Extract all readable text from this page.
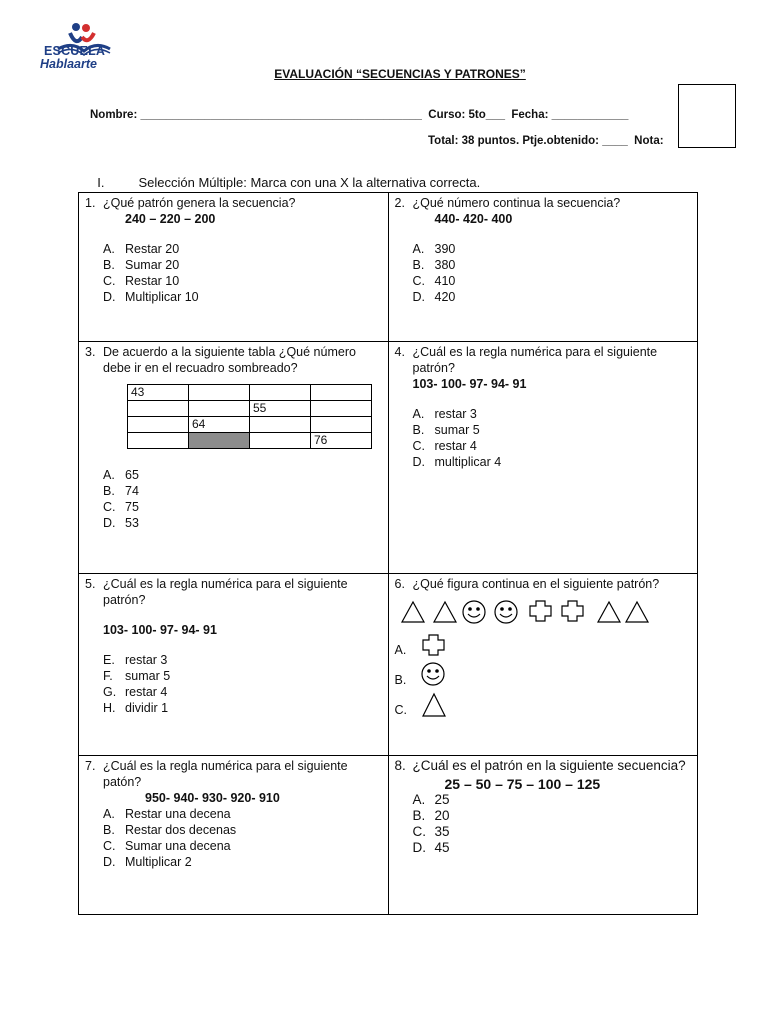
ESCUELA
Hablaarte
EVALUACIÓN “SECUENCIAS Y PATRONES”
Nombre: ____________________________________________  Curso: 5to___  Fecha: ____________
Total: 38 puntos. Ptje.obtenido: ____  Nota:

I.	Selección Múltiple: Marca con una X la alternativa correcta.

1. ¿Qué patrón genera la secuencia?
240 – 220 – 200
A. Restar 20
B. Sumar 20
C. Restar 10
D. Multiplicar 10

2. ¿Qué número continua la secuencia?
440- 420- 400
A. 390
B. 380
C. 410
D. 420

3. De acuerdo a la siguiente tabla ¿Qué número debe ir en el recuadro sombreado?
43			
		55	
	64		
			76
A. 65
B. 74
C. 75
D. 53

4. ¿Cuál es la regla numérica para el siguiente patrón?
103- 100- 97- 94- 91
A. restar 3
B. sumar 5
C. restar 4
D. multiplicar 4

5. ¿Cuál es la regla numérica para el siguiente patrón?
103- 100- 97- 94- 91
E. restar 3
F. sumar 5
G. restar 4
H. dividir 1

6. ¿Qué figura continua en el siguiente patrón?
A.
B.
C.

7. ¿Cuál es la regla numérica para el siguiente patón?
950- 940- 930- 920- 910
A. Restar una decena
B. Restar dos decenas
C. Sumar una decena
D. Multiplicar 2

8. ¿Cuál es el patrón en la siguiente secuencia?
25 – 50 – 75 – 100 – 125
A. 25
B. 20
C. 35
D. 45
